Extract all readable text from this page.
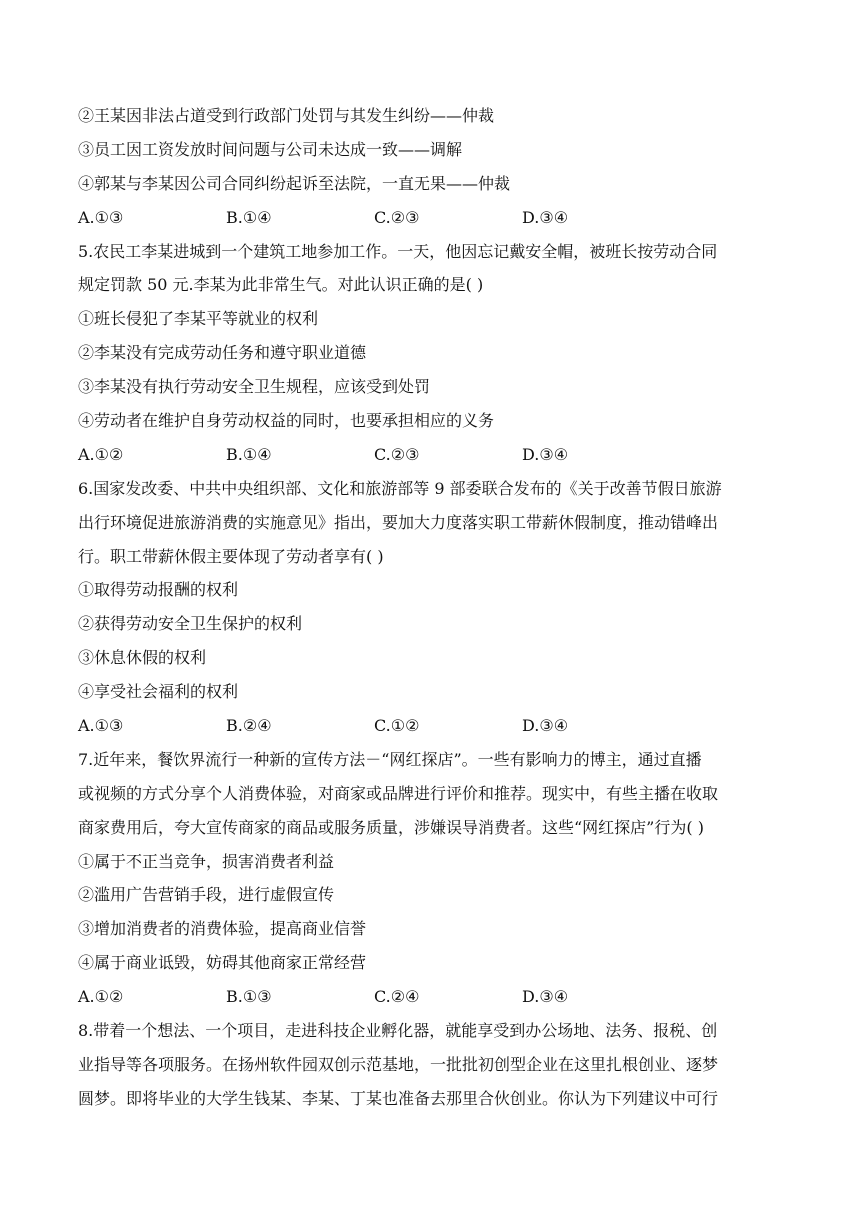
②王某因非法占道受到行政部门处罚与其发生纠纷——仲裁
③员工因工资发放时间问题与公司未达成一致——调解
④郭某与李某因公司合同纠纷起诉至法院，一直无果——仲裁
A.①③	B.①④	C.②③	D.③④
5.农民工李某进城到一个建筑工地参加工作。一天，他因忘记戴安全帽，被班长按劳动合同
规定罚款 50 元.李某为此非常生气。对此认识正确的是( )
①班长侵犯了李某平等就业的权利
②李某没有完成劳动任务和遵守职业道德
③李某没有执行劳动安全卫生规程，应该受到处罚
④劳动者在维护自身劳动权益的同时，也要承担相应的义务
A.①②	B.①④	C.②③	D.③④
6.国家发改委、中共中央组织部、文化和旅游部等 9 部委联合发布的《关于改善节假日旅游
出行环境促进旅游消费的实施意见》指出，要加大力度落实职工带薪休假制度，推动错峰出
行。职工带薪休假主要体现了劳动者享有( )
①取得劳动报酬的权利
②获得劳动安全卫生保护的权利
③休息休假的权利
④享受社会福利的权利
A.①③	B.②④	C.①②	D.③④
7.近年来，餐饮界流行一种新的宣传方法－“网红探店”。一些有影响力的博主，通过直播
或视频的方式分享个人消费体验，对商家或品牌进行评价和推荐。现实中，有些主播在收取
商家费用后，夸大宣传商家的商品或服务质量，涉嫌误导消费者。这些“网红探店”行为( )
①属于不正当竞争，损害消费者利益
②滥用广告营销手段，进行虚假宣传
③增加消费者的消费体验，提高商业信誉
④属于商业诋毁，妨碍其他商家正常经营
A.①②	B.①③	C.②④	D.③④
8.带着一个想法、一个项目，走进科技企业孵化器，就能享受到办公场地、法务、报税、创
业指导等各项服务。在扬州软件园双创示范基地，一批批初创型企业在这里扎根创业、逐梦
圆梦。即将毕业的大学生钱某、李某、丁某也准备去那里合伙创业。你认为下列建议中可行
